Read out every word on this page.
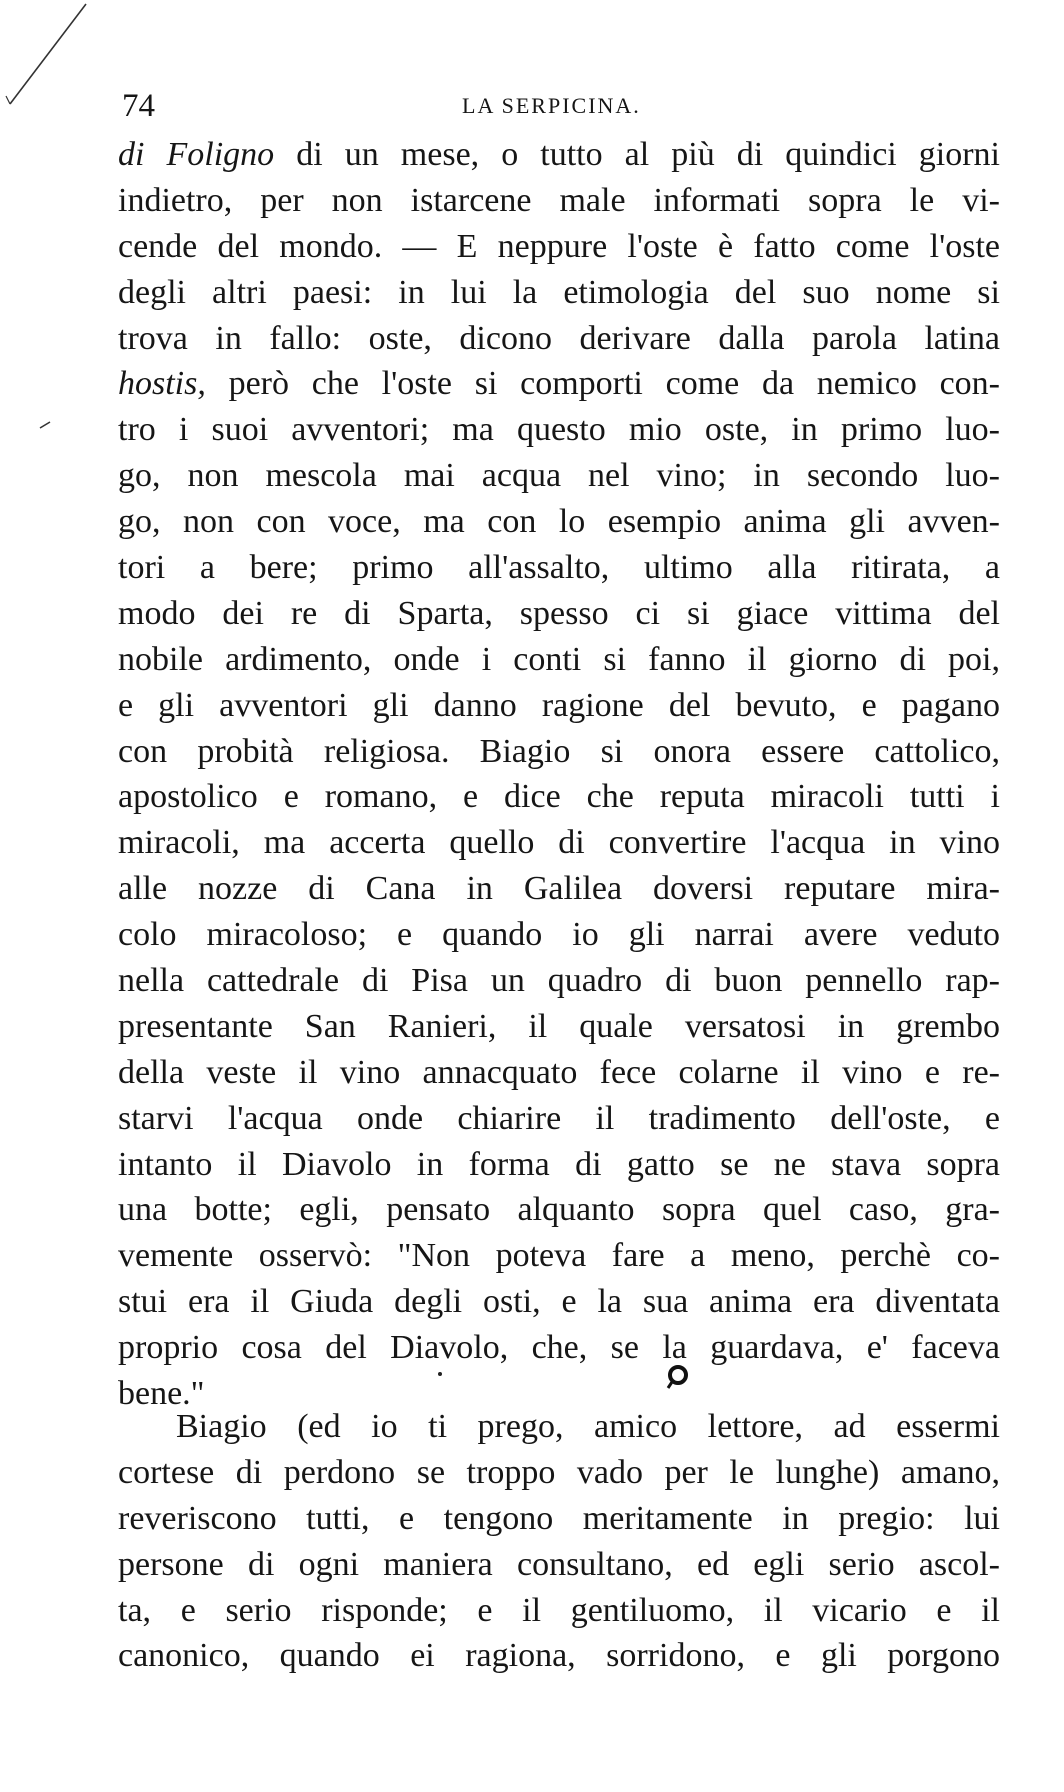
74	LA SERPICINA.
di Foligno di un mese, o tutto al più di quindici giorni
indietro, per non istarcene male informati sopra le vi-
cende del mondo. — E neppure l'oste è fatto come l'oste
degli altri paesi: in lui la etimologia del suo nome si
trova in fallo: oste, dicono derivare dalla parola latina
hostis, però che l'oste si comporti come da nemico con-
tro i suoi avventori; ma questo mio oste, in primo luo-
go, non mescola mai acqua nel vino; in secondo luo-
go, non con voce, ma con lo esempio anima gli avven-
tori a bere; primo all'assalto, ultimo alla ritirata, a
modo dei re di Sparta, spesso ci si giace vittima del
nobile ardimento, onde i conti si fanno il giorno di poi,
e gli avventori gli danno ragione del bevuto, e pagano
con probità religiosa. Biagio si onora essere cattolico,
apostolico e romano, e dice che reputa miracoli tutti i
miracoli, ma accerta quello di convertire l'acqua in vino
alle nozze di Cana in Galilea doversi reputare mira-
colo miracoloso; e quando io gli narrai avere veduto
nella cattedrale di Pisa un quadro di buon pennello rap-
presentante San Ranieri, il quale versatosi in grembo
della veste il vino annacquato fece colarne il vino e re-
starvi l'acqua onde chiarire il tradimento dell'oste, e
intanto il Diavolo in forma di gatto se ne stava sopra
una botte; egli, pensato alquanto sopra quel caso, gra-
vemente osservò: "Non poteva fare a meno, perchè co-
stui era il Giuda degli osti, e la sua anima era diventata
proprio cosa del Diavolo, che, se la guardava, e' faceva
bene."
Biagio (ed io ti prego, amico lettore, ad essermi
cortese di perdono se troppo vado per le lunghe) amano,
reveriscono tutti, e tengono meritamente in pregio: lui
persone di ogni maniera consultano, ed egli serio ascol-
ta, e serio risponde; e il gentiluomo, il vicario e il
canonico, quando ei ragiona, sorridono, e gli porgono
